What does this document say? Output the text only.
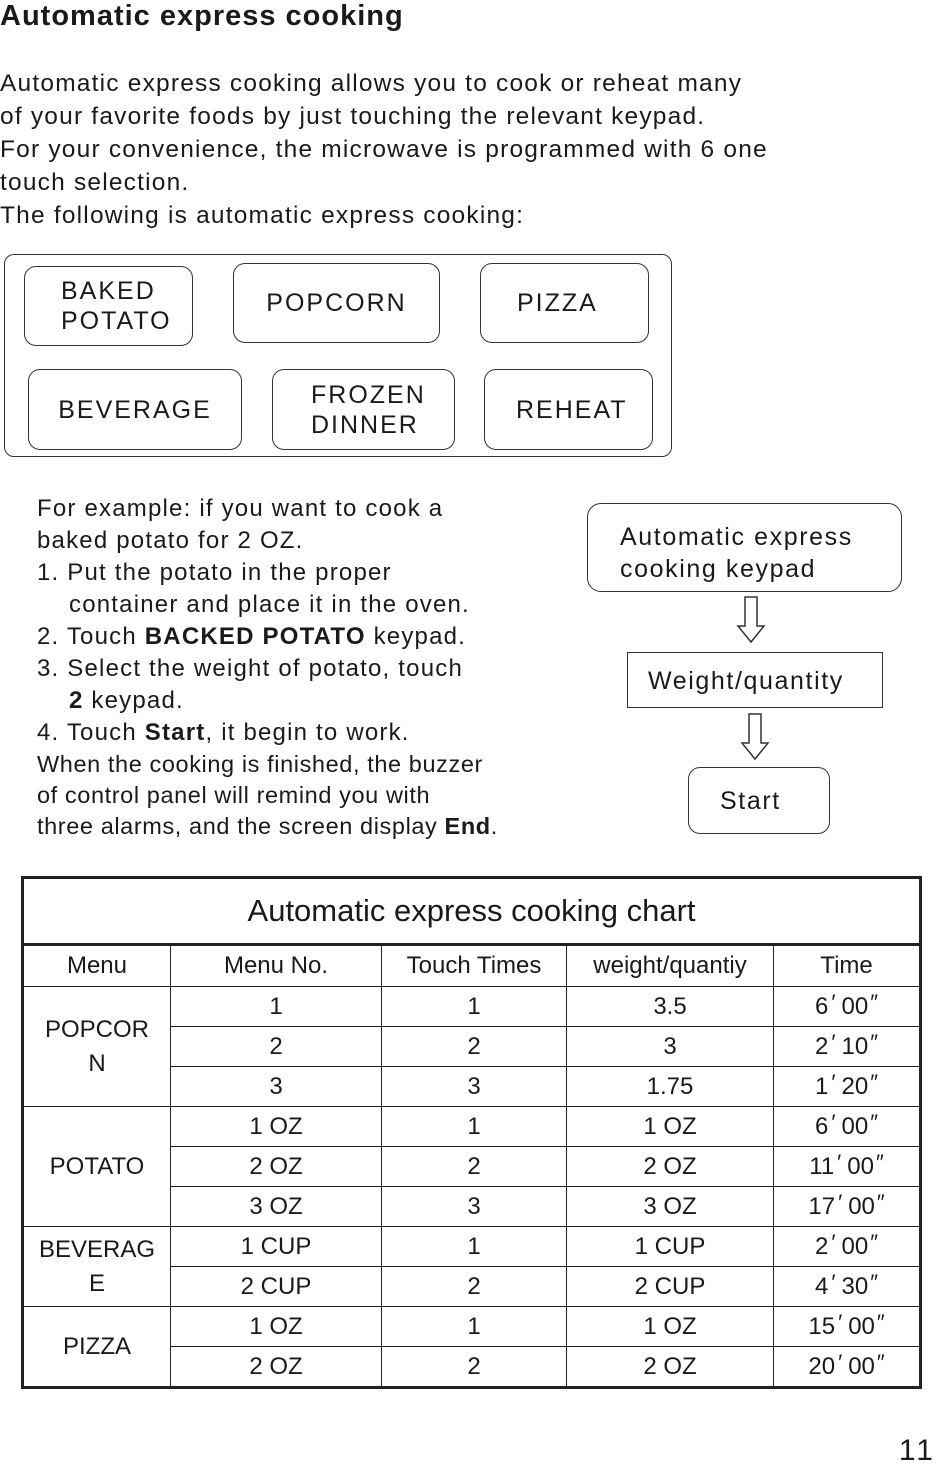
Automatic express cooking
Automatic express cooking allows you to cook or reheat many
of your favorite foods by just touching the relevant keypad.
For your convenience, the microwave is programmed with 6 one
touch selection.
The following is automatic express cooking:
BAKED
POTATO
POPCORN	PIZZA
BEVERAGE
FROZEN
DINNER
REHEAT
For example: if you want to cook a
baked potato for 2 OZ.
1. Put the potato in the proper
container and place it in the oven.
2. Touch BACKED POTATO keypad.
3. Select the weight of potato, touch
2 keypad.
4. Touch Start, it begin to work.
When the cooking is finished, the buzzer
of control panel will remind you with
three alarms, and the screen display End.
Automatic express
cooking keypad
Weight/quantity
Start
Automatic express cooking chart				
Menu	Menu No.	Touch Times	weight/quantiy	Time

POPCOR
N	1	1	3.5	6 ′ 00″
	2	2	3	2 ′ 10″
	3	3	1.75	1 ′ 20″

POTATO	1 OZ	1	1 OZ	6 ′ 00″
	2 OZ	2	2 OZ	11 ′ 00″
	3 OZ	3	3 OZ	17 ′ 00″

BEVERAG
E	1 CUP	1	1 CUP	2 ′ 00″
	2 CUP	2	2 CUP	4 ′ 30″

PIZZA	1 OZ	1	1 OZ	15 ′ 00″
	2 OZ	2	2 OZ	20 ′ 00″
11
